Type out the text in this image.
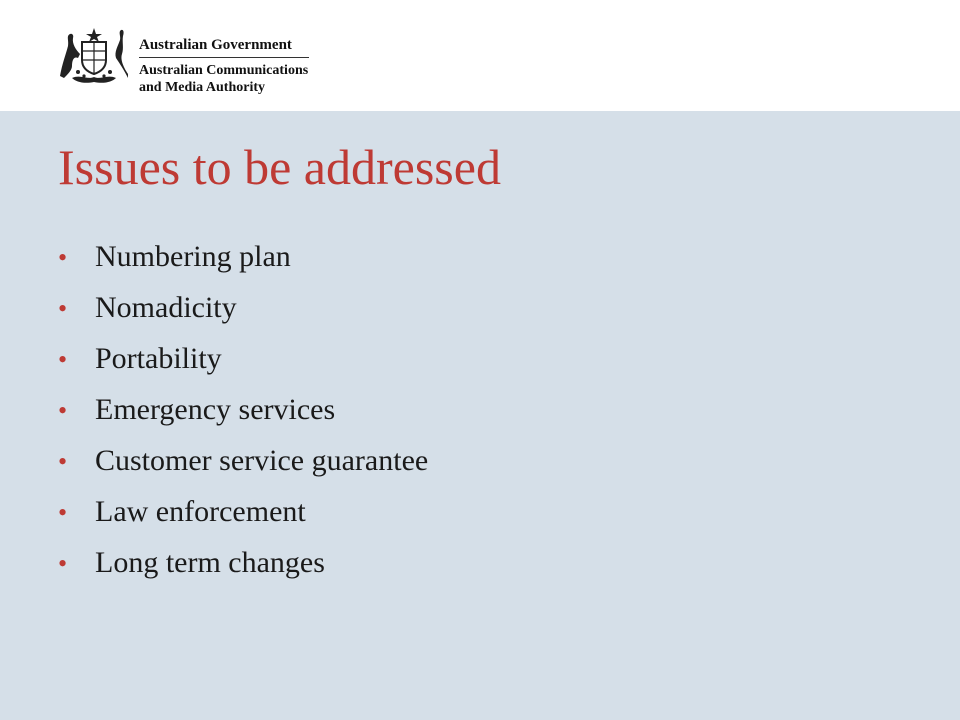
Australian Government
Australian Communications
and Media Authority
Issues to be addressed
• Numbering plan
• Nomadicity
• Portability
• Emergency services
• Customer service guarantee
• Law enforcement
• Long term changes
